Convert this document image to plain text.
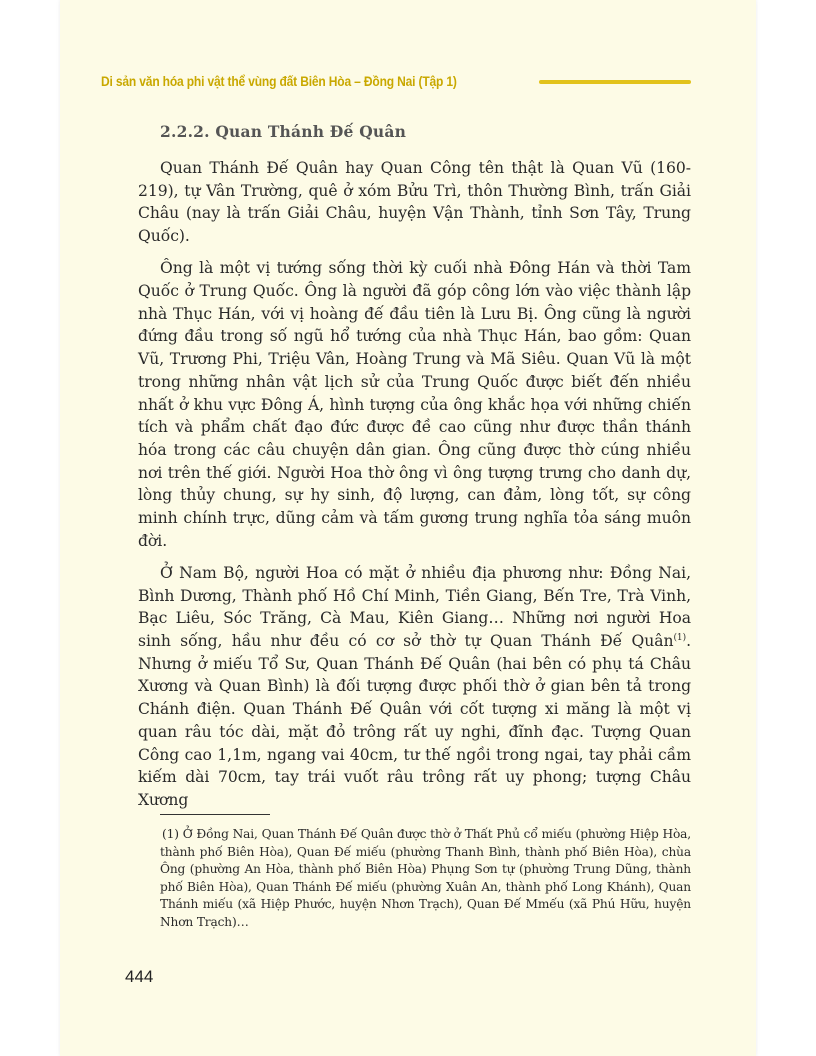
Di sản văn hóa phi vật thể vùng đất Biên Hòa – Đồng Nai (Tập 1)
2.2.2. Quan Thánh Đế Quân

Quan Thánh Đế Quân hay Quan Công tên thật là Quan Vũ (160-219), tự Vân Trường, quê ở xóm Bửu Trì, thôn Thường Bình, trấn Giải Châu (nay là trấn Giải Châu, huyện Vận Thành, tỉnh Sơn Tây, Trung Quốc).

Ông là một vị tướng sống thời kỳ cuối nhà Đông Hán và thời Tam Quốc ở Trung Quốc. Ông là người đã góp công lớn vào việc thành lập nhà Thục Hán, với vị hoàng đế đầu tiên là Lưu Bị. Ông cũng là người đứng đầu trong số ngũ hổ tướng của nhà Thục Hán, bao gồm: Quan Vũ, Trương Phi, Triệu Vân, Hoàng Trung và Mã Siêu. Quan Vũ là một trong những nhân vật lịch sử của Trung Quốc được biết đến nhiều nhất ở khu vực Đông Á, hình tượng của ông khắc họa với những chiến tích và phẩm chất đạo đức được đề cao cũng như được thần thánh hóa trong các câu chuyện dân gian. Ông cũng được thờ cúng nhiều nơi trên thế giới. Người Hoa thờ ông vì ông tượng trưng cho danh dự, lòng thủy chung, sự hy sinh, độ lượng, can đảm, lòng tốt, sự công minh chính trực, dũng cảm và tấm gương trung nghĩa tỏa sáng muôn đời.

Ở Nam Bộ, người Hoa có mặt ở nhiều địa phương như: Đồng Nai, Bình Dương, Thành phố Hồ Chí Minh, Tiền Giang, Bến Tre, Trà Vinh, Bạc Liêu, Sóc Trăng, Cà Mau, Kiên Giang… Những nơi người Hoa sinh sống, hầu như đều có cơ sở thờ tự Quan Thánh Đế Quân$^{(1)}$. Nhưng ở miếu Tổ Sư, Quan Thánh Đế Quân (hai bên có phụ tá Châu Xương và Quan Bình) là đối tượng được phối thờ ở gian bên tả trong Chánh điện. Quan Thánh Đế Quân với cốt tượng xi măng là một vị quan râu tóc dài, mặt đỏ trông rất uy nghi, đĩnh đạc. Tượng Quan Công cao 1,1m, ngang vai 40cm, tư thế ngồi trong ngai, tay phải cầm kiếm dài 70cm, tay trái vuốt râu trông rất uy phong; tượng Châu Xương

(1) Ở Đồng Nai, Quan Thánh Đế Quân được thờ ở Thất Phủ cổ miếu (phường Hiệp Hòa, thành phố Biên Hòa), Quan Đế miếu (phường Thanh Bình, thành phố Biên Hòa), chùa Ông (phường An Hòa, thành phố Biên Hòa) Phụng Sơn tự (phường Trung Dũng, thành phố Biên Hòa), Quan Thánh Đế miếu (phường Xuân An, thành phố Long Khánh), Quan Thánh miếu (xã Hiệp Phước, huyện Nhơn Trạch), Quan Đế Mmếu (xã Phú Hữu, huyện Nhơn Trạch)…
444
